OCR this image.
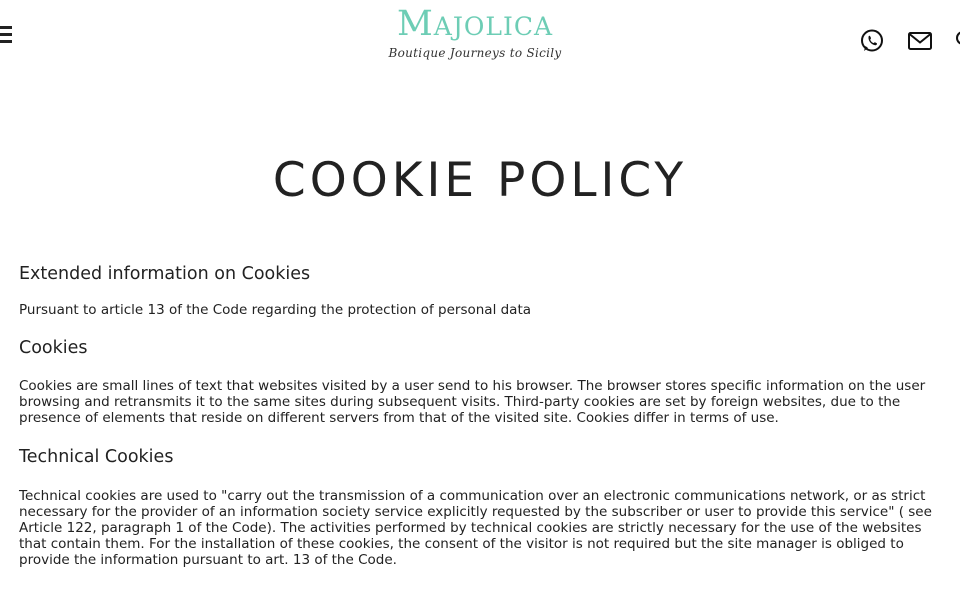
Majolica
Boutique Journeys to Sicily
COOKIE POLICY
Extended information on Cookies

Pursuant to article 13 of the Code regarding the protection of personal data

Cookies

Cookies are small lines of text that websites visited by a user send to his browser. The browser stores specific information on the user

browsing and retransmits it to the same sites during subsequent visits. Third-party cookies are set by foreign websites, due to the

presence of elements that reside on different servers from that of the visited site. Cookies differ in terms of use.

Technical Cookies

Technical cookies are used to "carry out the transmission of a communication over an electronic communications network, or as strict

necessary for the provider of an information society service explicitly requested by the subscriber or user to provide this service" ( see

Article 122, paragraph 1 of the Code). The activities performed by technical cookies are strictly necessary for the use of the websites

that contain them. For the installation of these cookies, the consent of the visitor is not required but the site manager is obliged to

provide the information pursuant to art. 13 of the Code.
